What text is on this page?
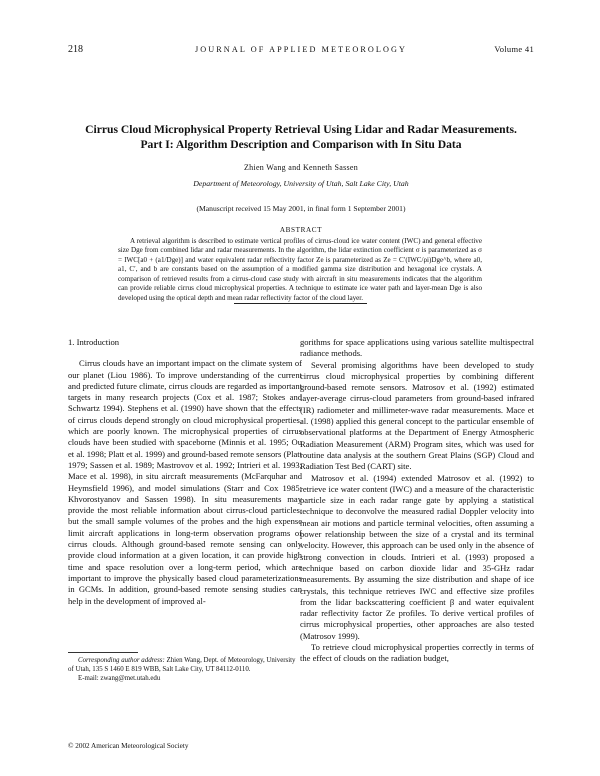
218	JOURNAL OF APPLIED METEOROLOGY	Volume 41
Cirrus Cloud Microphysical Property Retrieval Using Lidar and Radar Measurements.
Part I: Algorithm Description and Comparison with In Situ Data
Zhien Wang and Kenneth Sassen
Department of Meteorology, University of Utah, Salt Lake City, Utah
(Manuscript received 15 May 2001, in final form 1 September 2001)
ABSTRACT
A retrieval algorithm is described to estimate vertical profiles of cirrus-cloud ice water content (IWC) and general effective size Dge from combined lidar and radar measurements. In the algorithm, the lidar extinction coefficient σ is parameterized as σ = IWC[a0 + (a1/Dge)] and water equivalent radar reflectivity factor Ze is parameterized as Ze = C′(IWC/ρi)Dge^b, where a0, a1, C′, and b are constants based on the assumption of a modified gamma size distribution and hexagonal ice crystals. A comparison of retrieved results from a cirrus-cloud case study with aircraft in situ measurements indicates that the algorithm can provide reliable cirrus cloud microphysical properties. A technique to estimate ice water path and layer-mean Dge is also developed using the optical depth and mean radar reflectivity factor of the cloud layer.
1. Introduction

Cirrus clouds have an important impact on the climate system of our planet (Liou 1986). To improve understanding of the current and predicted future climate, cirrus clouds are regarded as important targets in many research projects (Cox et al. 1987; Stokes and Schwartz 1994). Stephens et al. (1990) have shown that the effects of cirrus clouds depend strongly on cloud microphysical properties, which are poorly known. The microphysical properties of cirrus clouds have been studied with spaceborne (Minnis et al. 1995; Ou et al. 1998; Platt et al. 1999) and ground-based remote sensors (Platt 1979; Sassen et al. 1989; Mastrovov et al. 1992; Intrieri et al. 1993; Mace et al. 1998), in situ aircraft measurements (McFarquhar and Heymsfield 1996), and model simulations (Starr and Cox 1985; Khvorostyanov and Sassen 1998). In situ measurements may provide the most reliable information about cirrus-cloud particles, but the small sample volumes of the probes and the high expense limit aircraft applications in long-term observation programs of cirrus clouds. Although ground-based remote sensing can only provide cloud information at a given location, it can provide high time and space resolution over a long-term period, which are important to improve the physically based cloud parameterizations in GCMs. In addition, ground-based remote sensing studies can help in the development of improved al-

gorithms for space applications using various satellite multispectral radiance methods.

Several promising algorithms have been developed to study cirrus cloud microphysical properties by combining different ground-based remote sensors. Matrosov et al. (1992) estimated layer-average cirrus-cloud parameters from ground-based infrared (IR) radiometer and millimeter-wave radar measurements. Mace et al. (1998) applied this general concept to the particular ensemble of observational platforms at the Department of Energy Atmospheric Radiation Measurement (ARM) Program sites, which was used for routine data analysis at the southern Great Plains (SGP) Cloud and Radiation Test Bed (CART) site.

Matrosov et al. (1994) extended Matrosov et al. (1992) to retrieve ice water content (IWC) and a measure of the characteristic particle size in each radar range gate by applying a statistical technique to deconvolve the measured radial Doppler velocity into mean air motions and particle terminal velocities, often assuming a power relationship between the size of a crystal and its terminal velocity. However, this approach can be used only in the absence of strong convection in clouds. Intrieri et al. (1993) proposed a technique based on carbon dioxide lidar and 35-GHz radar measurements. By assuming the size distribution and shape of ice crystals, this technique retrieves IWC and effective size profiles from the lidar backscattering coefficient β and water equivalent radar reflectivity factor Ze profiles. To derive vertical profiles of cirrus microphysical properties, other approaches are also tested (Matrosov 1999).

To retrieve cloud microphysical properties correctly in terms of the effect of clouds on the radiation budget,

Corresponding author address: Zhien Wang, Dept. of Meteorology, University of Utah, 135 S 1460 E 819 WBB, Salt Lake City, UT 84112-0110.

E-mail: zwang@met.utah.edu

© 2002 American Meteorological Society
